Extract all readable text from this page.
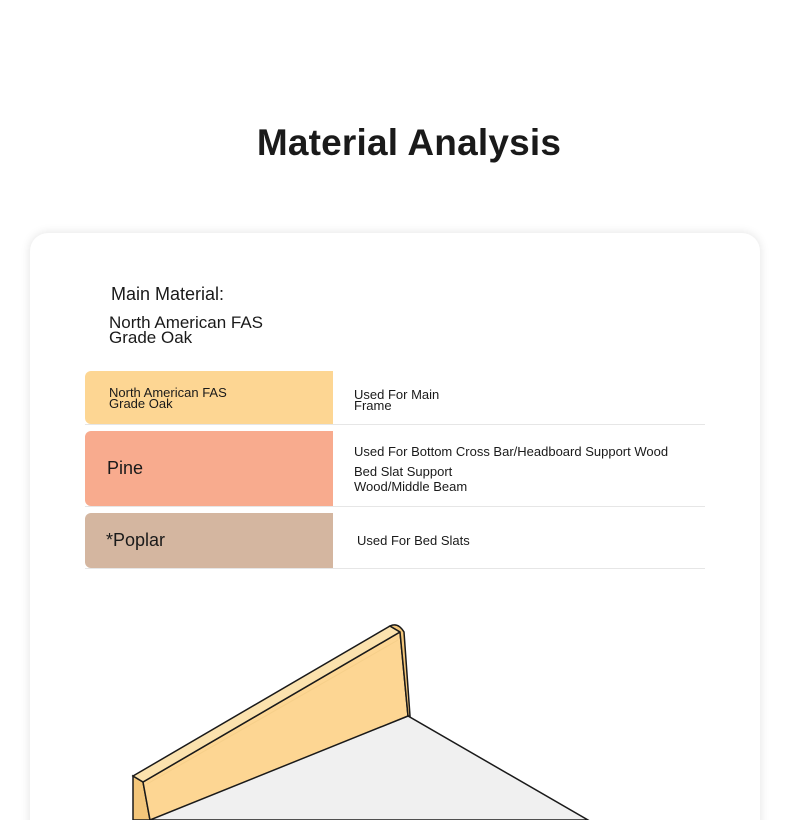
Material Analysis
Main Material:
North American FAS
Grade Oak
North American FAS
Grade Oak
Used For Main
Frame
Pine
Used For Bottom Cross Bar/Headboard Support Wood
Bed Slat Support
Wood/Middle Beam
*Poplar	Used For Bed Slats
